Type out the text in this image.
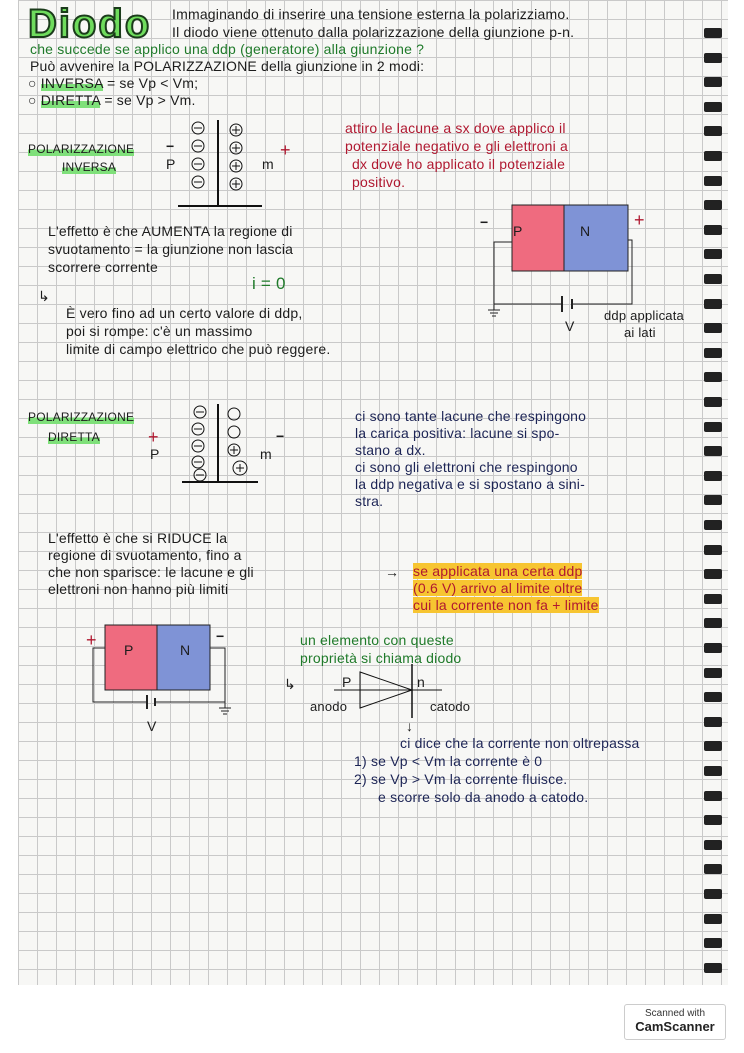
Diodo Immaginando di inserire una tensione esterna la polarizziamo.
Il diodo viene ottenuto dalla polarizzazione della giunzione p-n.
che succede se applico una ddp (generatore) alla giunzione ?
Può avvenire la POLARIZZAZIONE della giunzione in 2 modi:
○ INVERSA = se Vp < Vm;
○ DIRETTA = se Vp > Vm.
POLARIZZAZIONE
INVERSA
−
P	m
+
attiro le lacune a sx dove applico il
potenziale negativo e gli elettroni a
dx dove ho applicato il potenziale
positivo.
L'effetto è che AUMENTA la regione di
svuotamento = la giunzione non lascia
scorrere corrente
i = 0
↳
È vero fino ad un certo valore di ddp,
poi si rompe: c'è un massimo
limite di campo elettrico che può reggere.
P	N
−	+
V
ddp applicata
ai lati
POLARIZZAZIONE
DIRETTA	+
P	m
−
ci sono tante lacune che respingono
la carica positiva: lacune si spo-
stano a dx.
ci sono gli elettroni che respingono
la ddp negativa e si spostano a sini-
stra.
L'effetto è che si RIDUCE la
regione di svuotamento, fino a
che non sparisce: le lacune e gli
elettroni non hanno più limiti
→ se applicata una certa ddp
(0.6 V) arrivo al limite oltre
cui la corrente non fa + limite
P	N
+	−
V
un elemento con queste
proprietà si chiama diodo
↳	P	n
anodo	catodo
↓
ci dice che la corrente non oltrepassa
1) se Vp < Vm la corrente è 0
2) se Vp > Vm la corrente fluisce.
e scorre solo da anodo a catodo.
Scanned with
CamScanner
